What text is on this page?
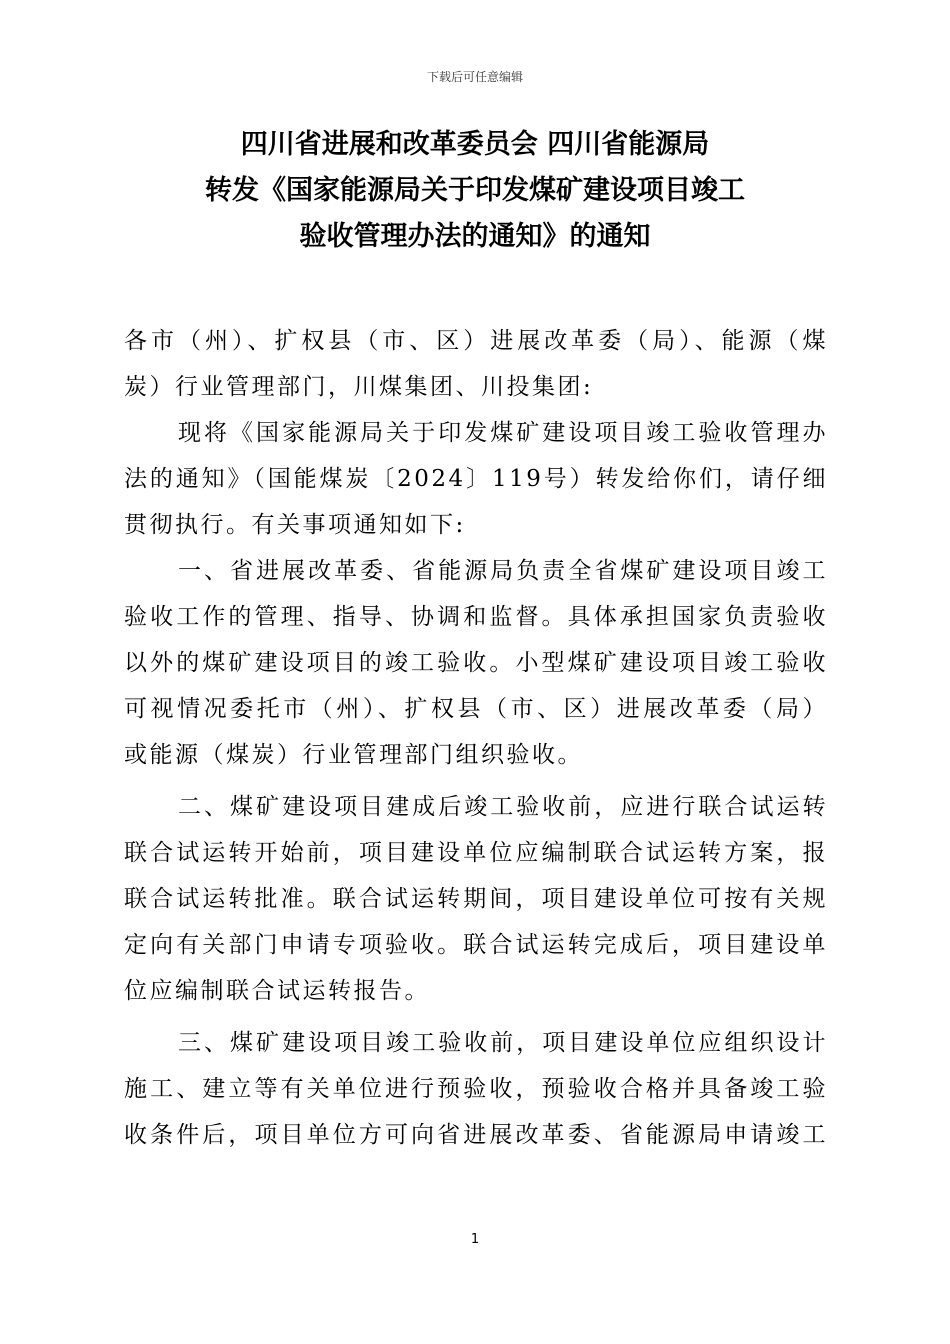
下载后可任意编辑
四川省进展和改革委员会 四川省能源局
转发《国家能源局关于印发煤矿建设项目竣工
验收管理办法的通知》的通知
各市（州）、扩权县（市、区）进展改革委（局）、能源（煤
炭）行业管理部门，川煤集团、川投集团:
现将《国家能源局关于印发煤矿建设项目竣工验收管理办
法的通知》（国能煤炭〔2024〕119号）转发给你们，请仔细
贯彻执行。有关事项通知如下:
一、省进展改革委、省能源局负责全省煤矿建设项目竣工
验收工作的管理、指导、协调和监督。具体承担国家负责验收
以外的煤矿建设项目的竣工验收。小型煤矿建设项目竣工验收
可视情况委托市（州）、扩权县（市、区）进展改革委（局）
或能源（煤炭）行业管理部门组织验收。
二、煤矿建设项目建成后竣工验收前，应进行联合试运转
联合试运转开始前，项目建设单位应编制联合试运转方案，报
联合试运转批准。联合试运转期间，项目建设单位可按有关规
定向有关部门申请专项验收。联合试运转完成后，项目建设单
位应编制联合试运转报告。
三、煤矿建设项目竣工验收前，项目建设单位应组织设计
施工、建立等有关单位进行预验收，预验收合格并具备竣工验
收条件后，项目单位方可向省进展改革委、省能源局申请竣工
1
